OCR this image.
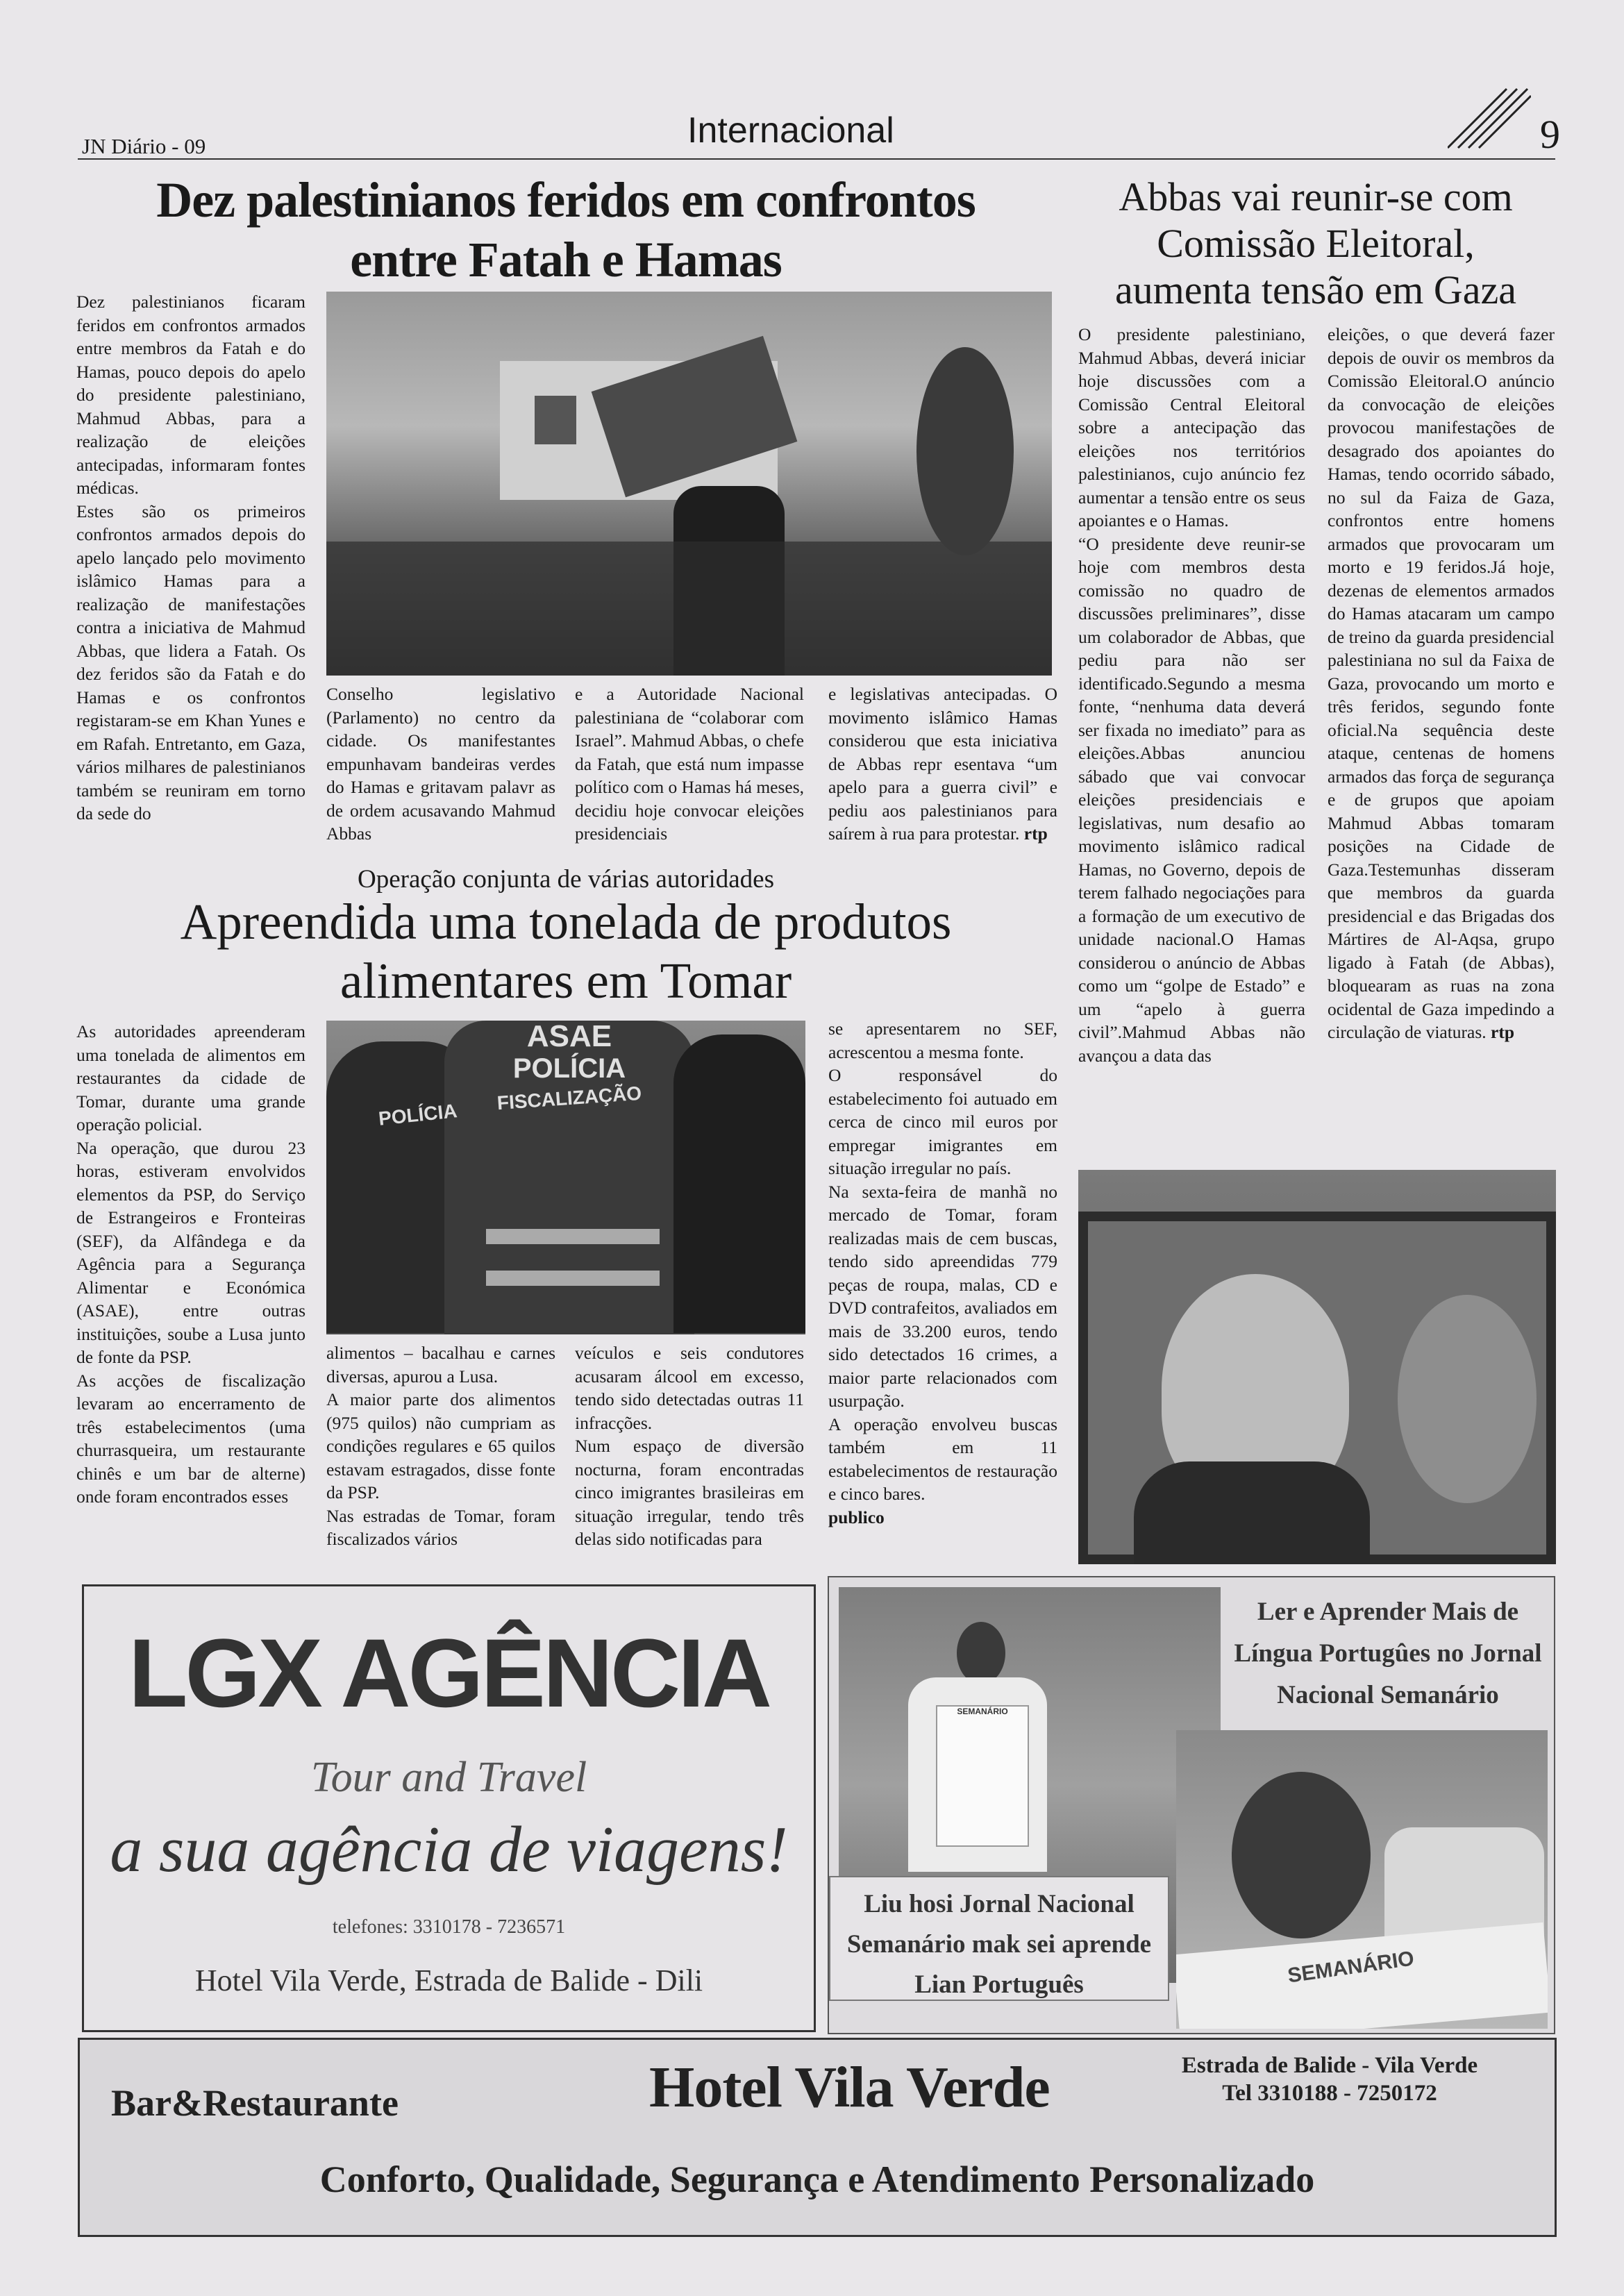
JN Diário - 09	Internacional	9
Dez palestinianos feridos em confrontos
entre Fatah e Hamas

Dez palestinianos ficaram feridos em confrontos armados entre membros da Fatah e do Hamas, pouco depois do apelo do presidente palestiniano, Mahmud Abbas, para a realização de eleições antecipadas, informaram fontes médicas.

Estes são os primeiros confrontos armados depois do apelo lançado pelo movimento islâmico Hamas para a realização de manifestações contra a iniciativa de Mahmud Abbas, que lidera a Fatah. Os dez feridos são da Fatah e do Hamas e os confrontos registaram-se em Khan Yunes e em Rafah. Entretanto, em Gaza, vários milhares de palestinianos também se reuniram em torno da sede do

Conselho legislativo (Parlamento) no centro da cidade. Os manifestantes empunhavam bandeiras verdes do Hamas e gritavam palavr as de ordem acusavando Mahmud Abbas
e a Autoridade Nacional palestiniana de “colaborar com Israel”. Mahmud Abbas, o chefe da Fatah, que está num impasse político com o Hamas há meses, decidiu hoje convocar eleições presidenciais
e legislativas antecipadas. O movimento islâmico Hamas considerou que esta iniciativa de Abbas repr esentava “um apelo para a guerra civil” e pediu aos palestinianos para saírem à rua para protestar. rtp
Operação conjunta de várias autoridades
Apreendida uma tonelada de produtos
alimentares em Tomar

As autoridades apreenderam uma tonelada de alimentos em restaurantes da cidade de Tomar, durante uma grande operação policial.

Na operação, que durou 23 horas, estiveram envolvidos elementos da PSP, do Serviço de Estrangeiros e Fronteiras (SEF), da Alfândega e da Agência para a Segurança Alimentar e Económica (ASAE), entre outras instituições, soube a Lusa junto de fonte da PSP.

As acções de fiscalização levaram ao encerramento de três estabelecimentos (uma churrasqueira, um restaurante chinês e um bar de alterne) onde foram encontrados esses

ASAE
POLÍCIA
FISCALIZAÇÃO
POLÍCIA

alimentos – bacalhau e carnes diversas, apurou a Lusa.

A maior parte dos alimentos (975 quilos) não cumpriam as condições regulares e 65 quilos estavam estragados, disse fonte da PSP.

Nas estradas de Tomar, foram fiscalizados vários

veículos e seis condutores acusaram álcool em excesso, tendo sido detectadas outras 11 infracções.

Num espaço de diversão nocturna, foram encontradas cinco imigrantes brasileiras em situação irregular, tendo três delas sido notificadas para

se apresentarem no SEF, acrescentou a mesma fonte.

O responsável do estabelecimento foi autuado em cerca de cinco mil euros por empregar imigrantes em situação irregular no país.

Na sexta-feira de manhã no mercado de Tomar, foram realizadas mais de cem buscas, tendo sido apreendidas 779 peças de roupa, malas, CD e DVD contrafeitos, avaliados em mais de 33.200 euros, tendo sido detectados 16 crimes, a maior parte relacionados com usurpação.

A operação envolveu buscas também em 11 estabelecimentos de restauração e cinco bares.

publico

Abbas vai reunir-se com
Comissão Eleitoral,
aumenta tensão em Gaza

O presidente palestiniano, Mahmud Abbas, deverá iniciar hoje discussões com a Comissão Central Eleitoral sobre a antecipação das eleições nos territórios palestinianos, cujo anúncio fez aumentar a tensão entre os seus apoiantes e o Hamas.

“O presidente deve reunir-se hoje com membros desta comissão no quadro de discussões preliminares”, disse um colaborador de Abbas, que pediu para não ser identificado.Segundo a mesma fonte, “nenhuma data deverá ser fixada no imediato” para as eleições.Abbas anunciou sábado que vai convocar eleições presidenciais e legislativas, num desafio ao movimento islâmico radical Hamas, no Governo, depois de terem falhado negociações para a formação de um executivo de unidade nacional.O Hamas considerou o anúncio de Abbas como um “golpe de Estado” e um “apelo à guerra civil”.Mahmud Abbas não avançou a data das

eleições, o que deverá fazer depois de ouvir os membros da Comissão Eleitoral.O anúncio da convocação de eleições provocou manifestações de desagrado dos apoiantes do Hamas, tendo ocorrido sábado, no sul da Faiza de Gaza, confrontos entre homens armados que provocaram um morto e 19 feridos.Já hoje, dezenas de elementos armados do Hamas atacaram um campo de treino da guarda presidencial palestiniana no sul da Faixa de Gaza, provocando um morto e três feridos, segundo fonte oficial.Na sequência deste ataque, centenas de homens armados das força de segurança e de grupos que apoiam Mahmud Abbas tomaram posições na Cidade de Gaza.Testemunhas disseram que membros da guarda presidencial e das Brigadas dos Mártires de Al-Aqsa, grupo ligado à Fatah (de Abbas), bloquearam as ruas na zona ocidental de Gaza impedindo a circulação de viaturas. rtp
LGX AGÊNCIA
Tour and Travel
a sua agência de viagens!
telefones: 3310178 - 7236571
Hotel Vila Verde, Estrada de Balide - Dili
SEMANÁRIO
Ler e Aprender Mais de Língua Portugûes no Jornal Nacional Semanário
Liu hosi Jornal Nacional Semanário mak sei aprende Lian Português	SEMANÁRIO
Bar&Restaurante	Hotel Vila Verde	Estrada de Balide - Vila Verde
Tel 3310188 - 7250172
Conforto, Qualidade, Segurança e Atendimento Personalizado
